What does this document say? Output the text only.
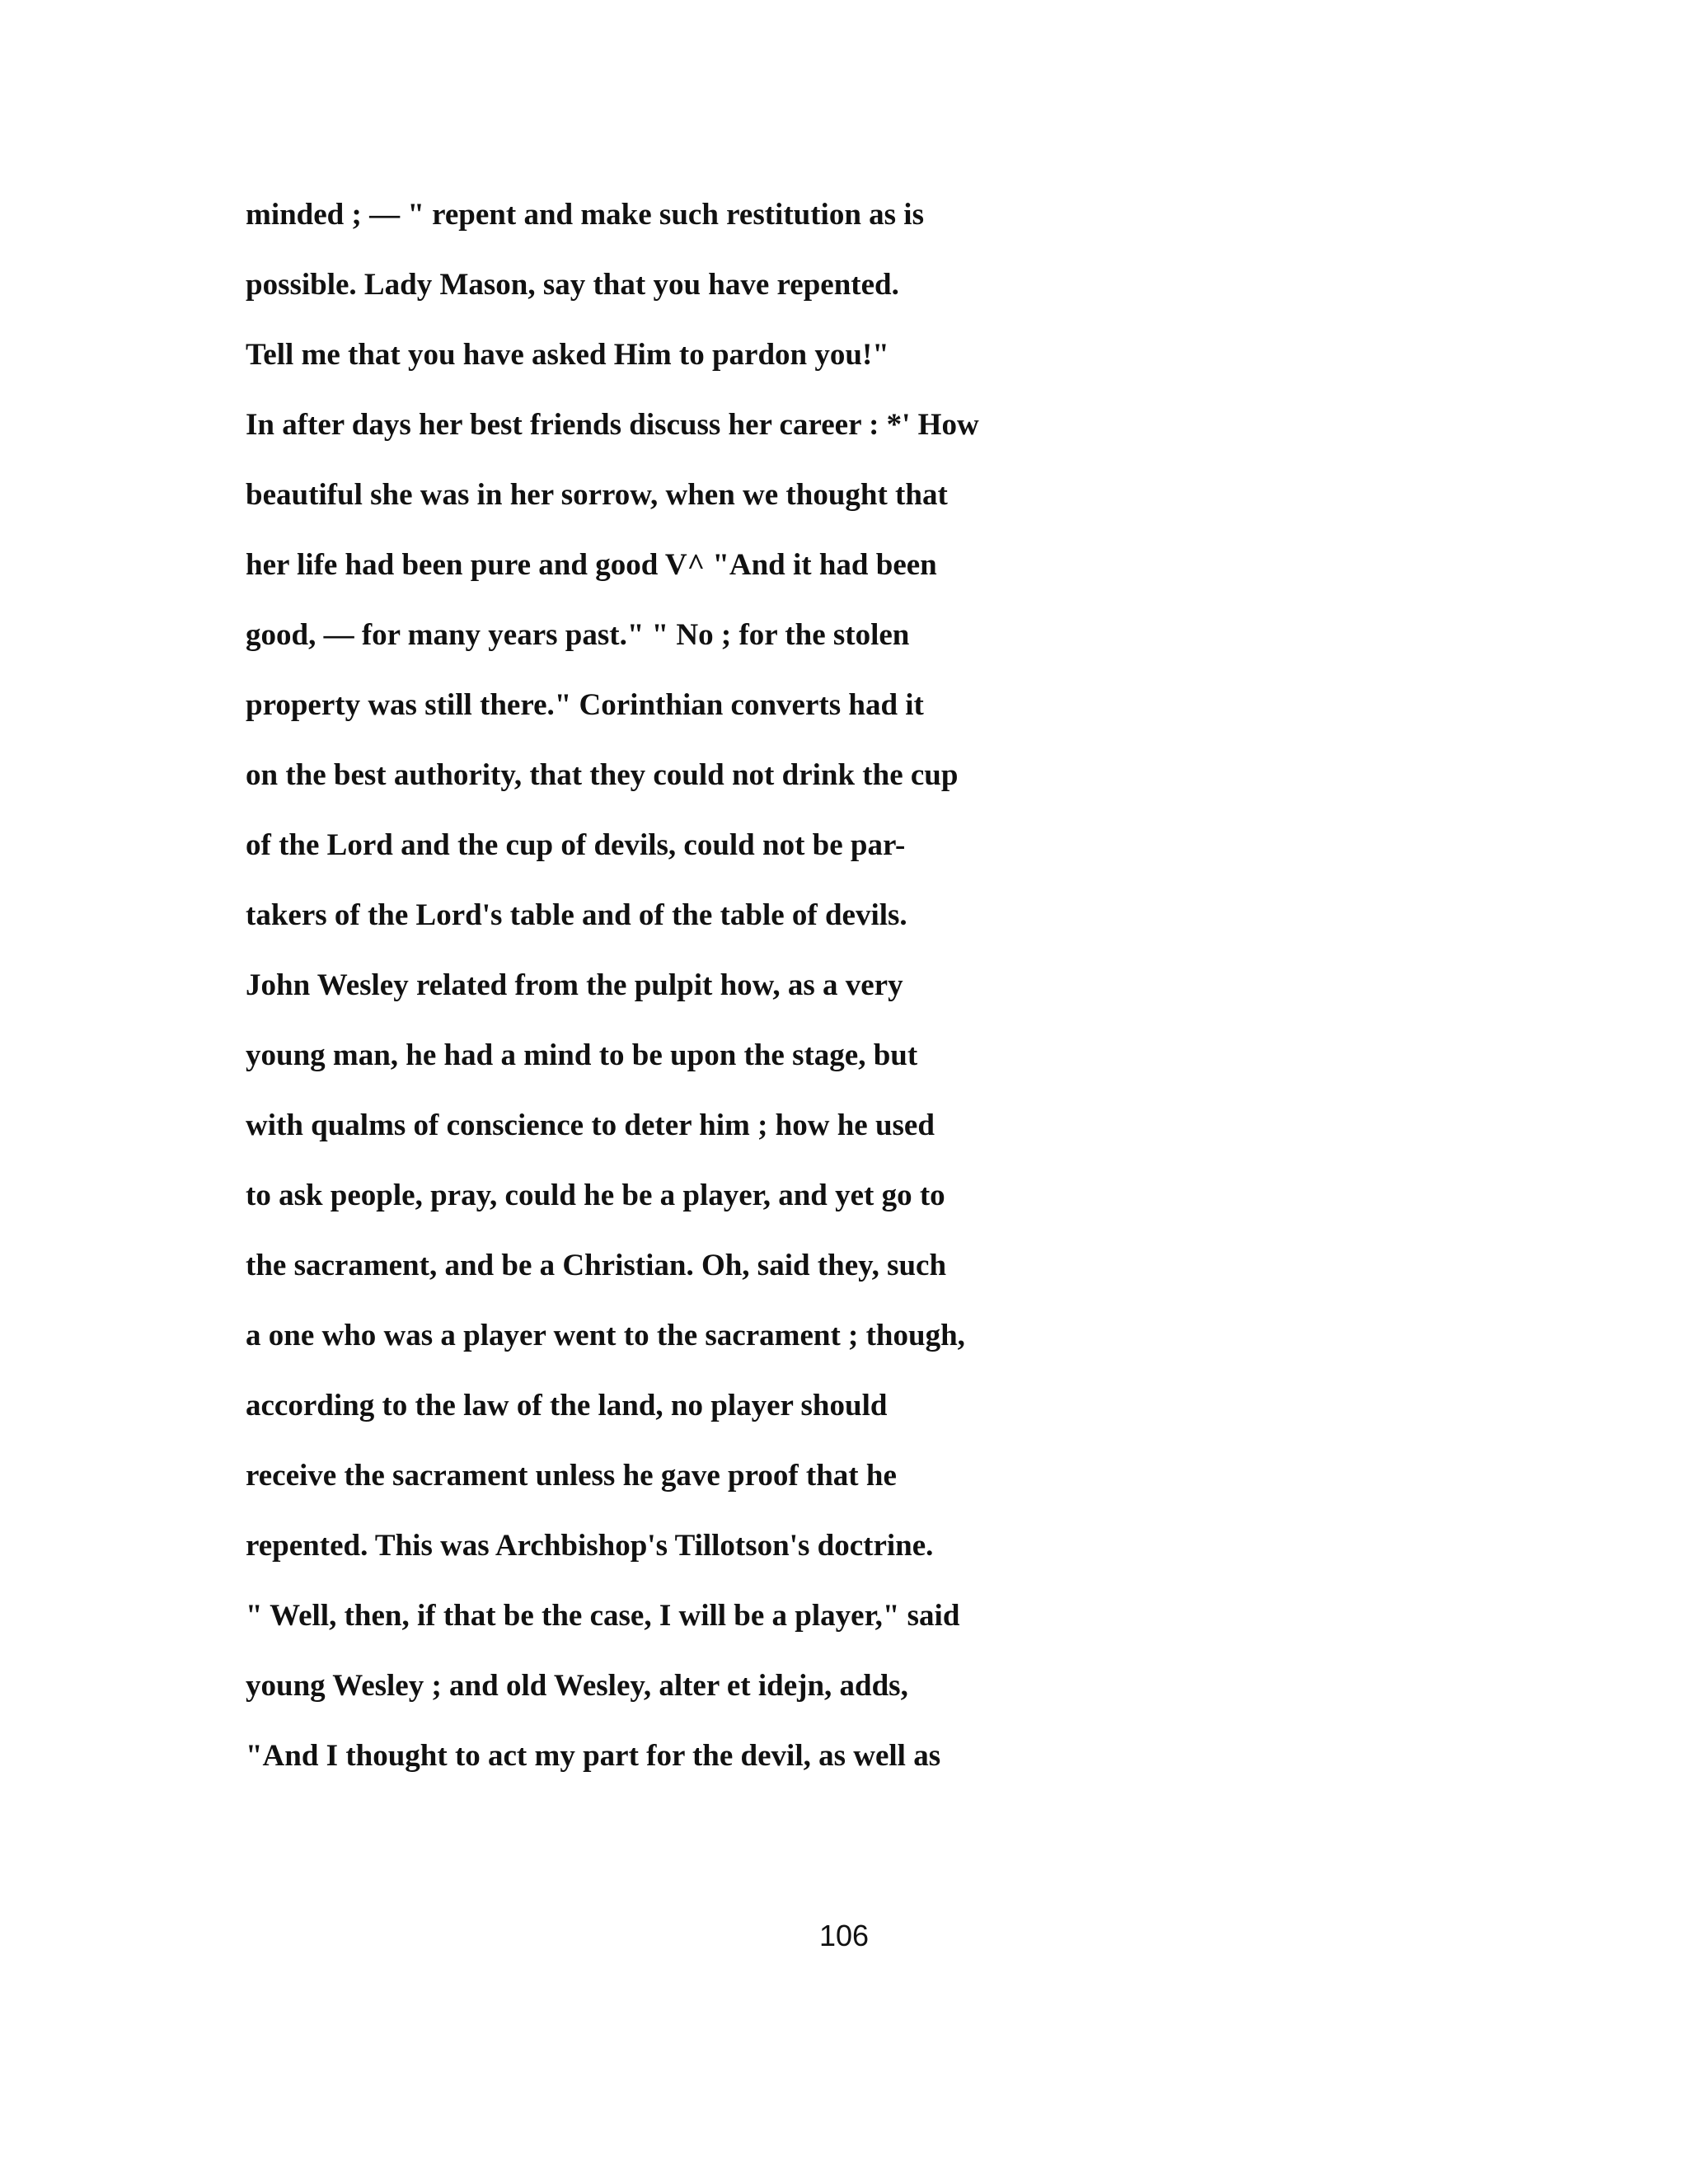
minded ; — " repent and make such restitution as is
possible. Lady Mason, say that you have repented.
Tell me that you have asked Him to pardon you!"
In after days her best friends discuss her career : *' How
beautiful she was in her sorrow, when we thought that
her life had been pure and good V^ "And it had been
good, — for many years past." " No ; for the stolen
property was still there." Corinthian converts had it
on the best authority, that they could not drink the cup
of the Lord and the cup of devils, could not be par-
takers of the Lord's table and of the table of devils.
John Wesley related from the pulpit how, as a very
young man, he had a mind to be upon the stage, but
with qualms of conscience to deter him ; how he used
to ask people, pray, could he be a player, and yet go to
the sacrament, and be a Christian. Oh, said they, such
a one who was a player went to the sacrament ; though,
according to the law of the land, no player should
receive the sacrament unless he gave proof that he
repented. This was Archbishop's Tillotson's doctrine.
" Well, then, if that be the case, I will be a player," said
young Wesley ; and old Wesley, alter et idejn, adds,
"And I thought to act my part for the devil, as well as
106
